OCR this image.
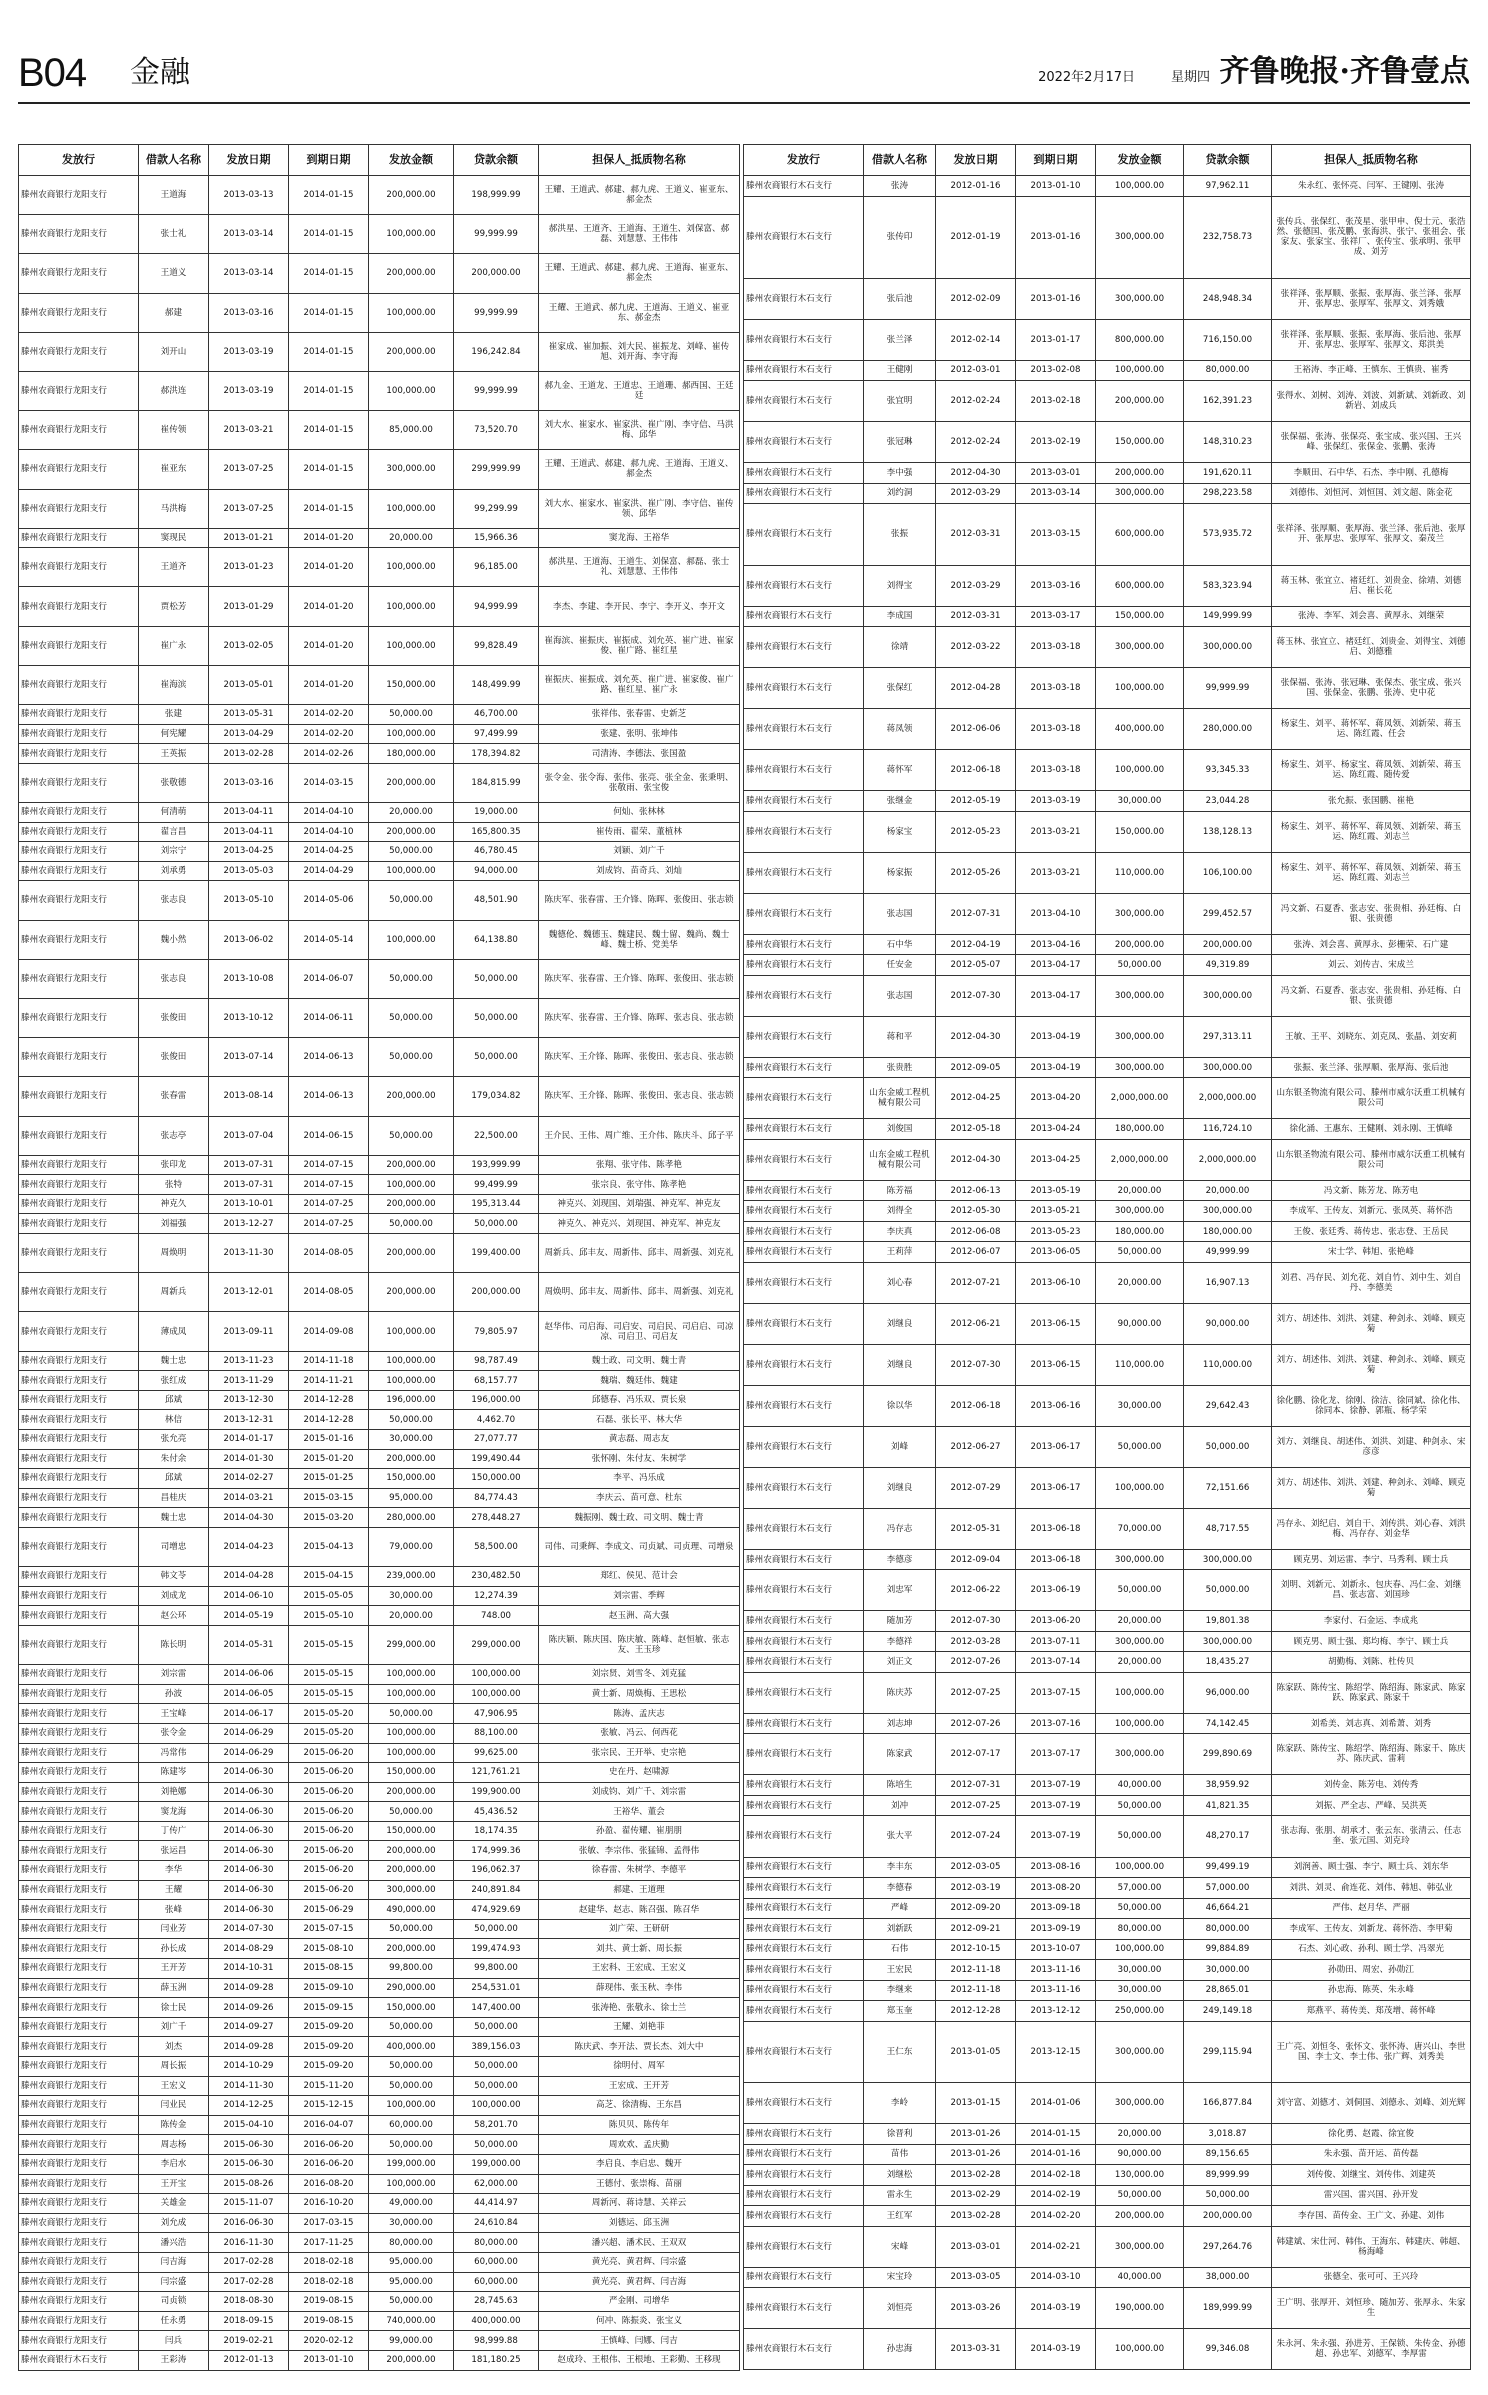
B04 金融	2022年2月17日	星期四 齐鲁晚报·齐鲁壹点
发放行	借款人名称	发放日期	到期日期	发放金额	贷款余额	担保人_抵质物名称
滕州农商银行龙阳支行	王道海	2013-03-13	2014-01-15	200,000.00	198,999.99	王耀、王道武、郝建、郝九虎、王道义、崔亚东、郝金杰
滕州农商银行龙阳支行	张士礼	2013-03-14	2014-01-15	100,000.00	99,999.99	郝洪星、王道齐、王道海、王道生、刘保富、郝磊、刘慧慧、王伟伟
滕州农商银行龙阳支行	王道义	2013-03-14	2014-01-15	200,000.00	200,000.00	王耀、王道武、郝建、郝九虎、王道海、崔亚东、郝金杰
滕州农商银行龙阳支行	郝建	2013-03-16	2014-01-15	100,000.00	99,999.99	王耀、王道武、郝九虎、王道海、王道义、崔亚东、郝金杰
滕州农商银行龙阳支行	刘开山	2013-03-19	2014-01-15	200,000.00	196,242.84	崔家成、崔加振、刘大民、崔振龙、刘峰、崔传旭、刘开海、李守海
滕州农商银行龙阳支行	郝洪连	2013-03-19	2014-01-15	100,000.00	99,999.99	郝九金、王道龙、王道忠、王道珊、郝西国、王廷廷
滕州农商银行龙阳支行	崔传领	2013-03-21	2014-01-15	85,000.00	73,520.70	刘大水、崔家水、崔家洪、崔广刚、李守信、马洪梅、邱华
滕州农商银行龙阳支行	崔亚东	2013-07-25	2014-01-15	300,000.00	299,999.99	王耀、王道武、郝建、郝九虎、王道海、王道义、郝金杰
滕州农商银行龙阳支行	马洪梅	2013-07-25	2014-01-15	100,000.00	99,299.99	刘大水、崔家水、崔家洪、崔广刚、李守信、崔传领、邱华
滕州农商银行龙阳支行	窦现民	2013-01-21	2014-01-20	20,000.00	15,966.36	窦龙海、王裕华
滕州农商银行龙阳支行	王道齐	2013-01-23	2014-01-20	100,000.00	96,185.00	郝洪星、王道海、王道生、刘保富、郝磊、张士礼、刘慧慧、王伟伟
滕州农商银行龙阳支行	贾松芳	2013-01-29	2014-01-20	100,000.00	94,999.99	李杰、李建、李开民、李宁、李开义、李开文
滕州农商银行龙阳支行	崔广永	2013-02-05	2014-01-20	100,000.00	99,828.49	崔海滨、崔振庆、崔振成、刘允英、崔广进、崔家俊、崔广路、崔红星
滕州农商银行龙阳支行	崔海滨	2013-05-01	2014-01-20	150,000.00	148,499.99	崔振庆、崔振成、刘允英、崔广进、崔家俊、崔广路、崔红星、崔广永
滕州农商银行龙阳支行	张建	2013-05-31	2014-02-20	50,000.00	46,700.00	张祥伟、张春雷、史新芝
滕州农商银行龙阳支行	何宪耀	2013-04-29	2014-02-20	100,000.00	97,499.99	张建、张明、张坤伟
滕州农商银行龙阳支行	王英振	2013-02-28	2014-02-26	180,000.00	178,394.82	司清涛、李德法、张国盈
滕州农商银行龙阳支行	张敬德	2013-03-16	2014-03-15	200,000.00	184,815.99	张令金、张令海、张伟、张亮、张全金、张秉明、张敬雨、张宝俊
滕州农商银行龙阳支行	何清萌	2013-04-11	2014-04-10	20,000.00	19,000.00	何灿、张林林
滕州农商银行龙阳支行	翟言昌	2013-04-11	2014-04-10	200,000.00	165,800.35	崔传雨、翟荣、董植林
滕州农商银行龙阳支行	刘宗宁	2013-04-25	2014-04-25	50,000.00	46,780.45	刘颖、刘广千
滕州农商银行龙阳支行	刘承勇	2013-05-03	2014-04-29	100,000.00	94,000.00	刘成钧、苗奇兵、刘灿
滕州农商银行龙阳支行	张志良	2013-05-10	2014-05-06	50,000.00	48,501.90	陈庆军、张春雷、王介锋、陈晖、张俊田、张志锁
滕州农商银行龙阳支行	魏小然	2013-06-02	2014-05-14	100,000.00	64,138.80	魏德伦、魏德玉、魏建民、魏士留、魏尚、魏士峰、魏士桥、党美华
滕州农商银行龙阳支行	张志良	2013-10-08	2014-06-07	50,000.00	50,000.00	陈庆军、张春雷、王介锋、陈晖、张俊田、张志锁
滕州农商银行龙阳支行	张俊田	2013-10-12	2014-06-11	50,000.00	50,000.00	陈庆军、张春雷、王介锋、陈晖、张志良、张志锁
滕州农商银行龙阳支行	张俊田	2013-07-14	2014-06-13	50,000.00	50,000.00	陈庆军、王介锋、陈晖、张俊田、张志良、张志锁
滕州农商银行龙阳支行	张春雷	2013-08-14	2014-06-13	200,000.00	179,034.82	陈庆军、王介锋、陈晖、张俊田、张志良、张志锁
滕州农商银行龙阳支行	张志亭	2013-07-04	2014-06-15	50,000.00	22,500.00	王介民、王伟、周广维、王介伟、陈庆斗、邱子平
滕州农商银行龙阳支行	张印龙	2013-07-31	2014-07-15	200,000.00	193,999.99	张翔、张守伟、陈孝艳
滕州农商银行龙阳支行	张特	2013-07-31	2014-07-15	100,000.00	99,499.99	张宗良、张守伟、陈孝艳
滕州农商银行龙阳支行	神克久	2013-10-01	2014-07-25	200,000.00	195,313.44	神克兴、刘现国、刘瑞强、神克军、神克友
滕州农商银行龙阳支行	刘福强	2013-12-27	2014-07-25	50,000.00	50,000.00	神克久、神克兴、刘现国、神克军、神克友
滕州农商银行龙阳支行	周焕明	2013-11-30	2014-08-05	200,000.00	199,400.00	周新兵、邱丰友、周新伟、邱丰、周新强、刘克礼
滕州农商银行龙阳支行	周新兵	2013-12-01	2014-08-05	200,000.00	200,000.00	周焕明、邱丰友、周新伟、邱丰、周新强、刘克礼
滕州农商银行龙阳支行	薄成凤	2013-09-11	2014-09-08	100,000.00	79,805.97	赵华伟、司启海、司启安、司启民、司启启、司凉凉、司启卫、司启友
滕州农商银行龙阳支行	魏士忠	2013-11-23	2014-11-18	100,000.00	98,787.49	魏士政、司文明、魏士青
滕州农商银行龙阳支行	张红成	2013-11-29	2014-11-21	100,000.00	68,157.77	魏瑞、魏廷伟、魏建
滕州农商银行龙阳支行	邱斌	2013-12-30	2014-12-28	196,000.00	196,000.00	邱德春、冯乐双、贾长泉
滕州农商银行龙阳支行	林信	2013-12-31	2014-12-28	50,000.00	4,462.70	石磊、张长平、林大华
滕州农商银行龙阳支行	张允亮	2014-01-17	2015-01-16	30,000.00	27,077.77	黄志磊、周志友
滕州农商银行龙阳支行	朱付余	2014-01-30	2015-01-20	200,000.00	199,490.44	张怀刚、朱付友、朱树学
滕州农商银行龙阳支行	邱斌	2014-02-27	2015-01-25	150,000.00	150,000.00	李平、冯乐成
滕州农商银行龙阳支行	昌桂庆	2014-03-21	2015-03-15	95,000.00	84,774.43	李庆云、苗可意、杜东
滕州农商银行龙阳支行	魏士忠	2014-04-30	2015-03-20	280,000.00	278,448.27	魏振刚、魏士政、司文明、魏士青
滕州农商银行龙阳支行	司增忠	2014-04-23	2015-04-13	79,000.00	58,500.00	司伟、司秉辉、李成文、司贞斌、司贞理、司增泉
滕州农商银行龙阳支行	韩文苓	2014-04-28	2015-04-15	239,000.00	230,482.50	郑红、侯见、范计会
滕州农商银行龙阳支行	刘成龙	2014-06-10	2015-05-05	30,000.00	12,274.39	刘宗雷、季辉
滕州农商银行龙阳支行	赵公环	2014-05-19	2015-05-10	20,000.00	748.00	赵玉洲、高大强
滕州农商银行龙阳支行	陈长明	2014-05-31	2015-05-15	299,000.00	299,000.00	陈庆颖、陈庆国、陈庆敏、陈峰、赵恒敏、张志友、王玉珍
滕州农商银行龙阳支行	刘宗雷	2014-06-06	2015-05-15	100,000.00	100,000.00	刘宗贤、刘雪冬、刘克猛
滕州农商银行龙阳支行	孙波	2014-06-05	2015-05-15	100,000.00	100,000.00	黄士新、周焕梅、王思松
滕州农商银行龙阳支行	王宝峰	2014-06-17	2015-05-20	50,000.00	47,906.95	陈涛、孟庆志
滕州农商银行龙阳支行	张令金	2014-06-29	2015-05-20	100,000.00	88,100.00	张敏、冯云、何西花
滕州农商银行龙阳支行	冯常伟	2014-06-29	2015-06-20	100,000.00	99,625.00	张宗民、王开举、史宗艳
滕州农商银行龙阳支行	陈建岑	2014-06-30	2015-06-20	150,000.00	121,761.21	史在丹、赵啸源
滕州农商银行龙阳支行	刘艳娜	2014-06-30	2015-06-20	200,000.00	199,900.00	刘成钧、刘广千、刘宗雷
滕州农商银行龙阳支行	窦龙海	2014-06-30	2015-06-20	50,000.00	45,436.52	王裕华、董会
滕州农商银行龙阳支行	丁传广	2014-06-30	2015-06-20	150,000.00	18,174.35	孙盈、翟传耀、崔朋朋
滕州农商银行龙阳支行	张运昌	2014-06-30	2015-06-20	200,000.00	174,999.36	张敏、李宗伟、张猛锦、孟得伟
滕州农商银行龙阳支行	李华	2014-06-30	2015-06-20	200,000.00	196,062.37	徐春雷、朱树学、李德平
滕州农商银行龙阳支行	王耀	2014-06-30	2015-06-20	300,000.00	240,891.84	郝建、王道理
滕州农商银行龙阳支行	张峰	2014-06-30	2015-06-29	490,000.00	474,929.69	赵建华、赵志、陈召强、陈召华
滕州农商银行龙阳支行	闫业芳	2014-07-30	2015-07-15	50,000.00	50,000.00	刘广荣、王研研
滕州农商银行龙阳支行	孙长成	2014-08-29	2015-08-10	200,000.00	199,474.93	刘共、黄士新、周长振
滕州农商银行龙阳支行	王开芳	2014-10-31	2015-08-15	99,800.00	99,800.00	王宏科、王宏成、王宏义
滕州农商银行龙阳支行	薛玉洲	2014-09-28	2015-09-10	290,000.00	254,531.01	薛现伟、张玉秋、李伟
滕州农商银行龙阳支行	徐士民	2014-09-26	2015-09-15	150,000.00	147,400.00	张涛艳、张敬永、徐士兰
滕州农商银行龙阳支行	刘广千	2014-09-27	2015-09-20	50,000.00	50,000.00	王耀、刘艳菲
滕州农商银行龙阳支行	刘杰	2014-09-28	2015-09-20	400,000.00	389,156.03	陈庆武、李开法、贾长杰、刘大中
滕州农商银行龙阳支行	周长振	2014-10-29	2015-09-20	50,000.00	50,000.00	徐明付、周军
滕州农商银行龙阳支行	王宏义	2014-11-30	2015-11-20	50,000.00	50,000.00	王宏成、王开芳
滕州农商银行龙阳支行	闫业民	2014-12-25	2015-12-15	100,000.00	100,000.00	高芝、徐清梅、王东昌
滕州农商银行龙阳支行	陈传金	2015-04-10	2016-04-07	60,000.00	58,201.70	陈贝贝、陈传年
滕州农商银行龙阳支行	周志杨	2015-06-30	2016-06-20	50,000.00	50,000.00	周欢欢、孟庆勤
滕州农商银行龙阳支行	李启水	2015-06-30	2016-06-20	199,000.00	199,000.00	李启良、李启忠、魏开
滕州农商银行龙阳支行	王开宝	2015-08-26	2016-08-20	100,000.00	62,000.00	王德付、张崇梅、苗丽
滕州农商银行龙阳支行	关雄金	2015-11-07	2016-10-20	49,000.00	44,414.97	周新河、蒋诗慧、关祥云
滕州农商银行龙阳支行	刘允成	2016-06-30	2017-03-15	30,000.00	24,610.84	刘德运、邱玉洲
滕州农商银行龙阳支行	潘兴浩	2016-11-30	2017-11-25	80,000.00	80,000.00	潘兴超、潘术民、王双双
滕州农商银行龙阳支行	闫吉海	2017-02-28	2018-02-18	95,000.00	60,000.00	黄光亮、黄君辉、闫宗盛
滕州农商银行龙阳支行	闫宗盛	2017-02-28	2018-02-18	95,000.00	60,000.00	黄光亮、黄君辉、闫吉海
滕州农商银行龙阳支行	司贞锁	2018-08-30	2019-08-15	50,000.00	28,745.63	严金刚、司增华
滕州农商银行龙阳支行	任永勇	2018-09-15	2019-08-15	740,000.00	400,000.00	何冲、陈振炎、张宝义
滕州农商银行龙阳支行	闫兵	2019-02-21	2020-02-12	99,000.00	98,999.88	王慎峰、闫娜、闫吉
滕州农商银行木石支行	王彩涛	2012-01-13	2013-01-10	200,000.00	181,180.25	赵成玲、王根伟、王根地、王彩勤、王移现
发放行	借款人名称	发放日期	到期日期	发放金额	贷款余额	担保人_抵质物名称
滕州农商银行木石支行	张涛	2012-01-16	2013-01-10	100,000.00	97,962.11	朱永红、张怀亮、闫军、王键刚、张涛
滕州农商银行木石支行	张传印	2012-01-19	2013-01-16	300,000.00	232,758.73	张传兵、张保红、张茂星、张甲申、倪士元、张浩然、张德国、张茂鹏、张海洪、张宁、张祖会、张家友、张家宝、张祥厂、张传宝、张承明、张甲成、刘芳
滕州农商银行木石支行	张后池	2012-02-09	2013-01-16	300,000.00	248,948.34	张祥泽、张厚顺、张振、张厚海、张兰泽、张厚开、张厚忠、张厚军、张厚文、刘秀娥
滕州农商银行木石支行	张兰泽	2012-02-14	2013-01-17	800,000.00	716,150.00	张祥泽、张厚顺、张振、张厚海、张后池、张厚开、张厚忠、张厚军、张厚文、郑洪美
滕州农商银行木石支行	王健刚	2012-03-01	2013-02-08	100,000.00	80,000.00	王裕涛、李正峰、王慎东、王慎贵、崔秀
滕州农商银行木石支行	张宜明	2012-02-24	2013-02-18	200,000.00	162,391.23	张得水、刘树、刘涛、刘波、刘新斌、刘新政、刘新岩、刘成兵
滕州农商银行木石支行	张冠琳	2012-02-24	2013-02-19	150,000.00	148,310.23	张保福、张涛、张保亮、张宝成、张兴国、王兴峰、张保红、张保金、张鹏、张涛
滕州农商银行木石支行	李中强	2012-04-30	2013-03-01	200,000.00	191,620.11	李顺田、石中华、石杰、李中刚、孔德梅
滕州农商银行木石支行	刘约洞	2012-03-29	2013-03-14	300,000.00	298,223.58	刘德伟、刘恒河、刘恒国、刘文超、陈金花
滕州农商银行木石支行	张振	2012-03-31	2013-03-15	600,000.00	573,935.72	张祥泽、张厚顺、张厚海、张兰泽、张后池、张厚开、张厚忠、张厚军、张厚文、秦茂兰
滕州农商银行木石支行	刘得宝	2012-03-29	2013-03-16	600,000.00	583,323.94	蒋玉林、张宜立、褚廷红、刘贵金、徐靖、刘德启、崔长花
滕州农商银行木石支行	李成国	2012-03-31	2013-03-17	150,000.00	149,999.99	张涛、李军、刘会喜、黄厚永、刘继荣
滕州农商银行木石支行	徐靖	2012-03-22	2013-03-18	300,000.00	300,000.00	蒋玉林、张宜立、褚廷红、刘贵金、刘得宝、刘德启、刘德雅
滕州农商银行木石支行	张保红	2012-04-28	2013-03-18	100,000.00	99,999.99	张保福、张涛、张冠琳、张保杰、张宝成、张兴国、张保金、张鹏、张涛、史中花
滕州农商银行木石支行	蒋凤领	2012-06-06	2013-03-18	400,000.00	280,000.00	杨家生、刘平、蒋怀军、蒋凤领、刘新荣、蒋玉运、陈红霞、任会
滕州农商银行木石支行	蒋怀军	2012-06-18	2013-03-18	100,000.00	93,345.33	杨家生、刘平、杨家宝、蒋凤领、刘新荣、蒋玉运、陈红霞、随传爱
滕州农商银行木石支行	张继金	2012-05-19	2013-03-19	30,000.00	23,044.28	张允振、张国鹏、崔艳
滕州农商银行木石支行	杨家宝	2012-05-23	2013-03-21	150,000.00	138,128.13	杨家生、刘平、蒋怀军、蒋凤领、刘新荣、蒋玉运、陈红霞、刘志兰
滕州农商银行木石支行	杨家振	2012-05-26	2013-03-21	110,000.00	106,100.00	杨家生、刘平、蒋怀军、蒋凤领、刘新荣、蒋玉运、陈红霞、刘志兰
滕州农商银行木石支行	张志国	2012-07-31	2013-04-10	300,000.00	299,452.57	冯文新、石夏香、张志安、张贵相、孙廷梅、白银、张贵德
滕州农商银行木石支行	石中华	2012-04-19	2013-04-16	200,000.00	200,000.00	张涛、刘会喜、黄厚永、彭栅荣、石广建
滕州农商银行木石支行	任安金	2012-05-07	2013-04-17	50,000.00	49,319.89	刘云、刘传吉、宋成兰
滕州农商银行木石支行	张志国	2012-07-30	2013-04-17	300,000.00	300,000.00	冯文新、石夏香、张志安、张贵相、孙廷梅、白银、张贵德
滕州农商银行木石支行	蒋和平	2012-04-30	2013-04-19	300,000.00	297,313.11	王敏、王平、刘晓东、刘克凤、张晶、刘安莉
滕州农商银行木石支行	张贵胜	2012-09-05	2013-04-19	300,000.00	300,000.00	张振、张兰泽、张厚顺、张厚海、张后池
滕州农商银行木石支行	山东金威工程机械有限公司	2012-04-25	2013-04-20	2,000,000.00	2,000,000.00	山东银圣物流有限公司、滕州市威尔沃重工机械有限公司
滕州农商银行木石支行	刘俊国	2012-05-18	2013-04-24	180,000.00	116,724.10	徐化涌、王惠东、王健刚、刘永刚、王慎峰
滕州农商银行木石支行	山东金威工程机械有限公司	2012-04-30	2013-04-25	2,000,000.00	2,000,000.00	山东银圣物流有限公司、滕州市威尔沃重工机械有限公司
滕州农商银行木石支行	陈芳福	2012-06-13	2013-05-19	20,000.00	20,000.00	冯文新、陈芳龙、陈芳电
滕州农商银行木石支行	刘得全	2012-05-30	2013-05-21	300,000.00	300,000.00	李成军、王传友、刘新元、张凤英、蒋怀浩
滕州农商银行木石支行	李庆真	2012-06-08	2013-05-23	180,000.00	180,000.00	王俊、张廷秀、蒋传忠、张志登、王岳民
滕州农商银行木石支行	王莉萍	2012-06-07	2013-06-05	50,000.00	49,999.99	宋士学、韩旭、张艳峰
滕州农商银行木石支行	刘心春	2012-07-21	2013-06-10	20,000.00	16,907.13	刘君、冯存民、刘允花、刘自竹、刘中生、刘自丹、李德美
滕州农商银行木石支行	刘继良	2012-06-21	2013-06-15	90,000.00	90,000.00	刘方、胡述伟、刘洪、刘建、种剑永、刘峰、顾克菊
滕州农商银行木石支行	刘继良	2012-07-30	2013-06-15	110,000.00	110,000.00	刘方、胡述伟、刘洪、刘建、种剑永、刘峰、顾克菊
滕州农商银行木石支行	徐以华	2012-06-18	2013-06-16	30,000.00	29,642.43	徐化鹏、徐化龙、徐刚、徐洁、徐同斌、徐化伟、徐同本、徐静、郭瓶、杨学荣
滕州农商银行木石支行	刘峰	2012-06-27	2013-06-17	50,000.00	50,000.00	刘方、刘继良、胡述伟、刘洪、刘建、种剑永、宋彦彦
滕州农商银行木石支行	刘继良	2012-07-29	2013-06-17	100,000.00	72,151.66	刘方、胡述伟、刘洪、刘建、种剑永、刘峰、顾克菊
滕州农商银行木石支行	冯存志	2012-05-31	2013-06-18	70,000.00	48,717.55	冯存永、刘纪启、刘自干、刘传洪、刘心春、刘洪梅、冯存存、刘金华
滕州农商银行木石支行	李德彦	2012-09-04	2013-06-18	300,000.00	300,000.00	顾克男、刘运雷、李宁、马秀利、顾士兵
滕州农商银行木石支行	刘忠军	2012-06-22	2013-06-19	50,000.00	50,000.00	刘明、刘新元、刘新永、包庆春、冯仁金、刘继昌、张志富、刘国珍
滕州农商银行木石支行	随加芳	2012-07-30	2013-06-20	20,000.00	19,801.38	李家付、石金运、李成兆
滕州农商银行木石支行	李德祥	2012-03-28	2013-07-11	300,000.00	300,000.00	顾克男、顾士强、郑均梅、李宁、顾士兵
滕州农商银行木石支行	刘正文	2012-07-26	2013-07-14	20,000.00	18,435.27	胡勤梅、刘陈、杜传贝
滕州农商银行木石支行	陈庆苏	2012-07-25	2013-07-15	100,000.00	96,000.00	陈家跃、陈传宝、陈绍学、陈绍海、陈家武、陈家跃、陈家武、陈家千
滕州农商银行木石支行	刘志坤	2012-07-26	2013-07-16	100,000.00	74,142.45	刘希美、刘志真、刘希萧、刘秀
滕州农商银行木石支行	陈家武	2012-07-17	2013-07-17	300,000.00	299,890.69	陈家跃、陈传宝、陈绍学、陈绍海、陈家千、陈庆苏、陈庆武、雷莉
滕州农商银行木石支行	陈培生	2012-07-31	2013-07-19	40,000.00	38,959.92	刘传金、陈芳电、刘传秀
滕州农商银行木石支行	刘冲	2012-07-25	2013-07-19	50,000.00	41,821.35	刘振、严全志、严峰、吴洪英
滕州农商银行木石支行	张大平	2012-07-24	2013-07-19	50,000.00	48,270.17	张志海、张朋、胡承才、张云东、张清云、任志奎、张元国、刘克玲
滕州农商银行木石支行	李丰东	2012-03-05	2013-08-16	100,000.00	99,499.19	刘润善、顾士强、李宁、顾士兵、刘东华
滕州农商银行木石支行	李德春	2012-03-19	2013-08-20	57,000.00	57,000.00	刘洪、刘灵、俞连花、刘伟、韩旭、韩弘业
滕州农商银行木石支行	严峰	2012-09-20	2013-09-18	50,000.00	46,664.21	严伟、赵月华、严丽
滕州农商银行木石支行	刘新跃	2012-09-21	2013-09-19	80,000.00	80,000.00	李成军、王传友、刘新龙、蒋怀浩、李甲菊
滕州农商银行木石支行	石伟	2012-10-15	2013-10-07	100,000.00	99,884.89	石杰、刘心政、孙利、顾士学、冯翠光
滕州农商银行木石支行	王宏民	2012-11-18	2013-11-16	30,000.00	30,000.00	孙勋田、周宏、孙勋江
滕州农商银行木石支行	李继来	2012-11-18	2013-11-16	30,000.00	28,865.01	孙忠海、陈英、朱永峰
滕州农商银行木石支行	郑玉奎	2012-12-28	2013-12-12	250,000.00	249,149.18	郑燕平、蒋传美、郑茂增、蒋怀峰
滕州农商银行木石支行	王仁东	2013-01-05	2013-12-15	300,000.00	299,115.94	王广亮、刘恒冬、张怀文、张怀涛、唐兴山、李世国、李士文、李士伟、张广辉、刘秀美
滕州农商银行木石支行	李岭	2013-01-15	2014-01-06	300,000.00	166,877.84	刘守富、刘德才、刘侗国、刘德永、刘峰、刘光辉
滕州农商银行木石支行	徐晋利	2013-01-26	2014-01-15	20,000.00	3,018.87	徐化勇、赵霞、徐宜俊
滕州农商银行木石支行	苗伟	2013-01-26	2014-01-16	90,000.00	89,156.65	朱永强、苗开运、苗传磊
滕州农商银行木石支行	刘继松	2013-02-28	2014-02-18	130,000.00	89,999.99	刘传俊、刘继宝、刘传伟、刘建英
滕州农商银行木石支行	雷永生	2013-02-29	2014-02-19	50,000.00	50,000.00	雷兴国、雷兴国、孙开发
滕州农商银行木石支行	王红军	2013-02-28	2014-02-20	200,000.00	200,000.00	李存国、苗传金、王广文、孙建、刘伟
滕州农商银行木石支行	宋峰	2013-03-01	2014-02-21	300,000.00	297,264.76	韩建斌、宋仕河、韩伟、王海东、韩建庆、韩超、杨海峰
滕州农商银行木石支行	宋宝玲	2013-03-05	2014-03-10	40,000.00	38,000.00	张德全、张可可、王兴玲
滕州农商银行木石支行	刘恒亮	2013-03-26	2014-03-19	190,000.00	189,999.99	王广明、张厚开、刘恒珍、随加芳、张厚永、朱家生
滕州农商银行木石支行	孙忠海	2013-03-31	2014-03-19	100,000.00	99,346.08	朱永河、朱永强、孙进芳、王保锁、朱传金、孙德超、孙忠军、刘德军、李厚雷
